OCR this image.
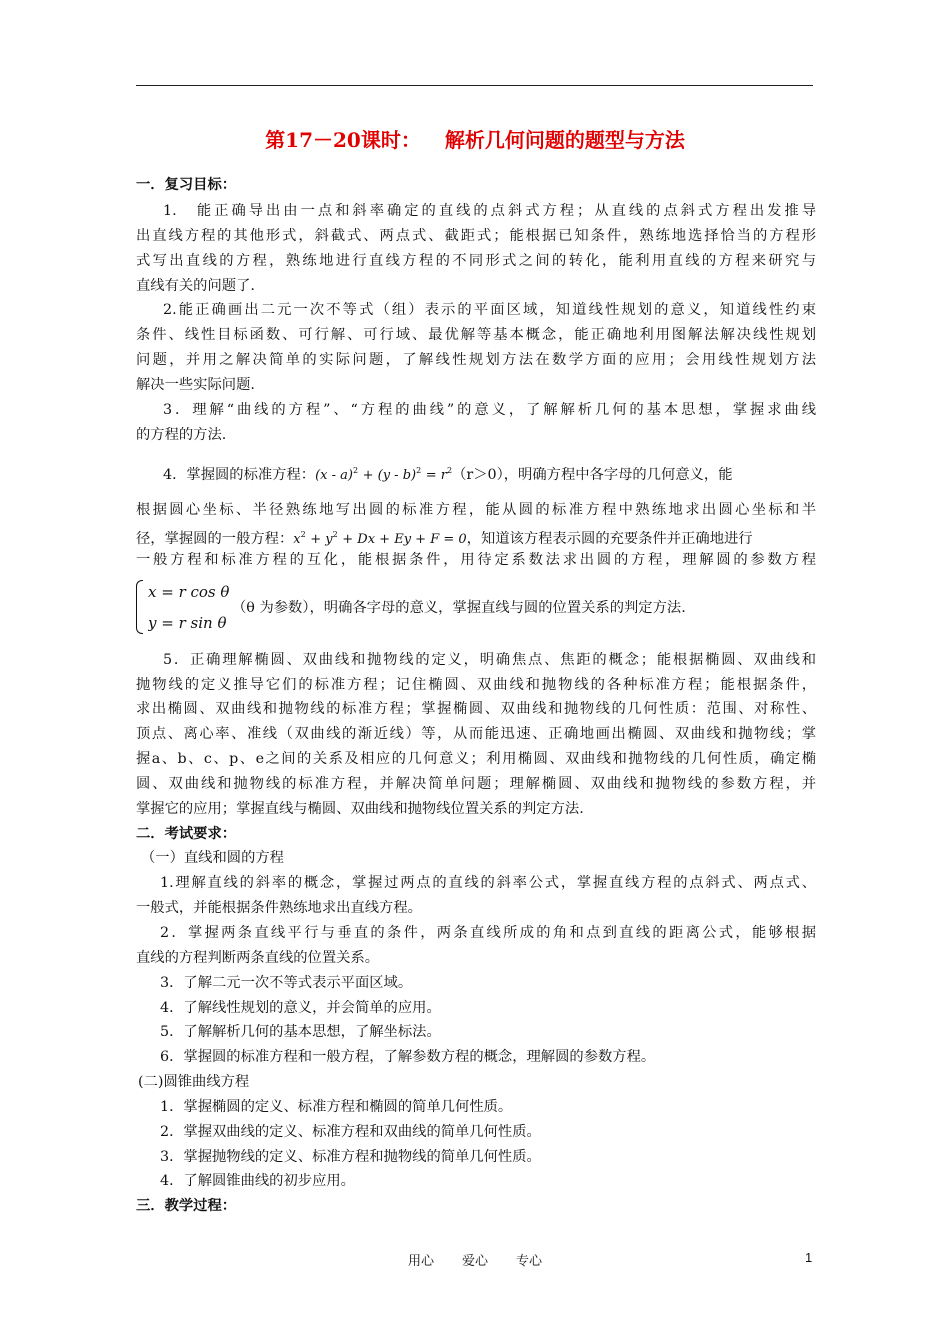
第17－20课时： 解析几何问题的题型与方法
一．复习目标：
1.　能正确导出由一点和斜率确定的直线的点斜式方程；从直线的点斜式方程出发推导
出直线方程的其他形式，斜截式、两点式、截距式；能根据已知条件，熟练地选择恰当的方程形
式写出直线的方程，熟练地进行直线方程的不同形式之间的转化，能利用直线的方程来研究与
直线有关的问题了.
2.能正确画出二元一次不等式（组）表示的平面区域，知道线性规划的意义，知道线性约束
条件、线性目标函数、可行解、可行域、最优解等基本概念，能正确地利用图解法解决线性规划
问题，并用之解决简单的实际问题，了解线性规划方法在数学方面的应用；会用线性规划方法
解决一些实际问题.
3．理解“曲线的方程”、“方程的曲线”的意义，了解解析几何的基本思想，掌握求曲线
的方程的方法.
4．掌握圆的标准方程：$(x - a)^2 + (y - b)^2 = r^2(r>0)$，明确方程中各字母的几何意义，能
根据圆心坐标、半径熟练地写出圆的标准方程，能从圆的标准方程中熟练地求出圆心坐标和半
径，掌握圆的一般方程：$x^2 + y^2 + Dx + Ey + F = 0$，知道该方程表示圆的充要条件并正确地进行
一般方程和标准方程的互化，能根据条件，用待定系数法求出圆的方程，理解圆的参数方程
x = r cos θ
y = r sin θ
（θ 为参数），明确各字母的意义，掌握直线与圆的位置关系的判定方法.
5．正确理解椭圆、双曲线和抛物线的定义，明确焦点、焦距的概念；能根据椭圆、双曲线和
抛物线的定义推导它们的标准方程；记住椭圆、双曲线和抛物线的各种标准方程；能根据条件，
求出椭圆、双曲线和抛物线的标准方程；掌握椭圆、双曲线和抛物线的几何性质：范围、对称性、
顶点、离心率、准线（双曲线的渐近线）等，从而能迅速、正确地画出椭圆、双曲线和抛物线；掌
握a、b、c、p、e之间的关系及相应的几何意义；利用椭圆、双曲线和抛物线的几何性质，确定椭
圆、双曲线和抛物线的标准方程，并解决简单问题；理解椭圆、双曲线和抛物线的参数方程，并
掌握它的应用；掌握直线与椭圆、双曲线和抛物线位置关系的判定方法.
二．考试要求：
（一）直线和圆的方程
1.理解直线的斜率的概念，掌握过两点的直线的斜率公式，掌握直线方程的点斜式、两点式、
一般式，并能根据条件熟练地求出直线方程。
2．掌握两条直线平行与垂直的条件，两条直线所成的角和点到直线的距离公式，能够根据
直线的方程判断两条直线的位置关系。
3．了解二元一次不等式表示平面区域。
4．了解线性规划的意义，并会简单的应用。
5．了解解析几何的基本思想，了解坐标法。
6．掌握圆的标准方程和一般方程，了解参数方程的概念，理解圆的参数方程。
(二)圆锥曲线方程
1．掌握椭圆的定义、标准方程和椭圆的简单几何性质。
2．掌握双曲线的定义、标准方程和双曲线的简单几何性质。
3．掌握抛物线的定义、标准方程和抛物线的简单几何性质。
4．了解圆锥曲线的初步应用。
三．教学过程：
用心 爱心 专心	1
